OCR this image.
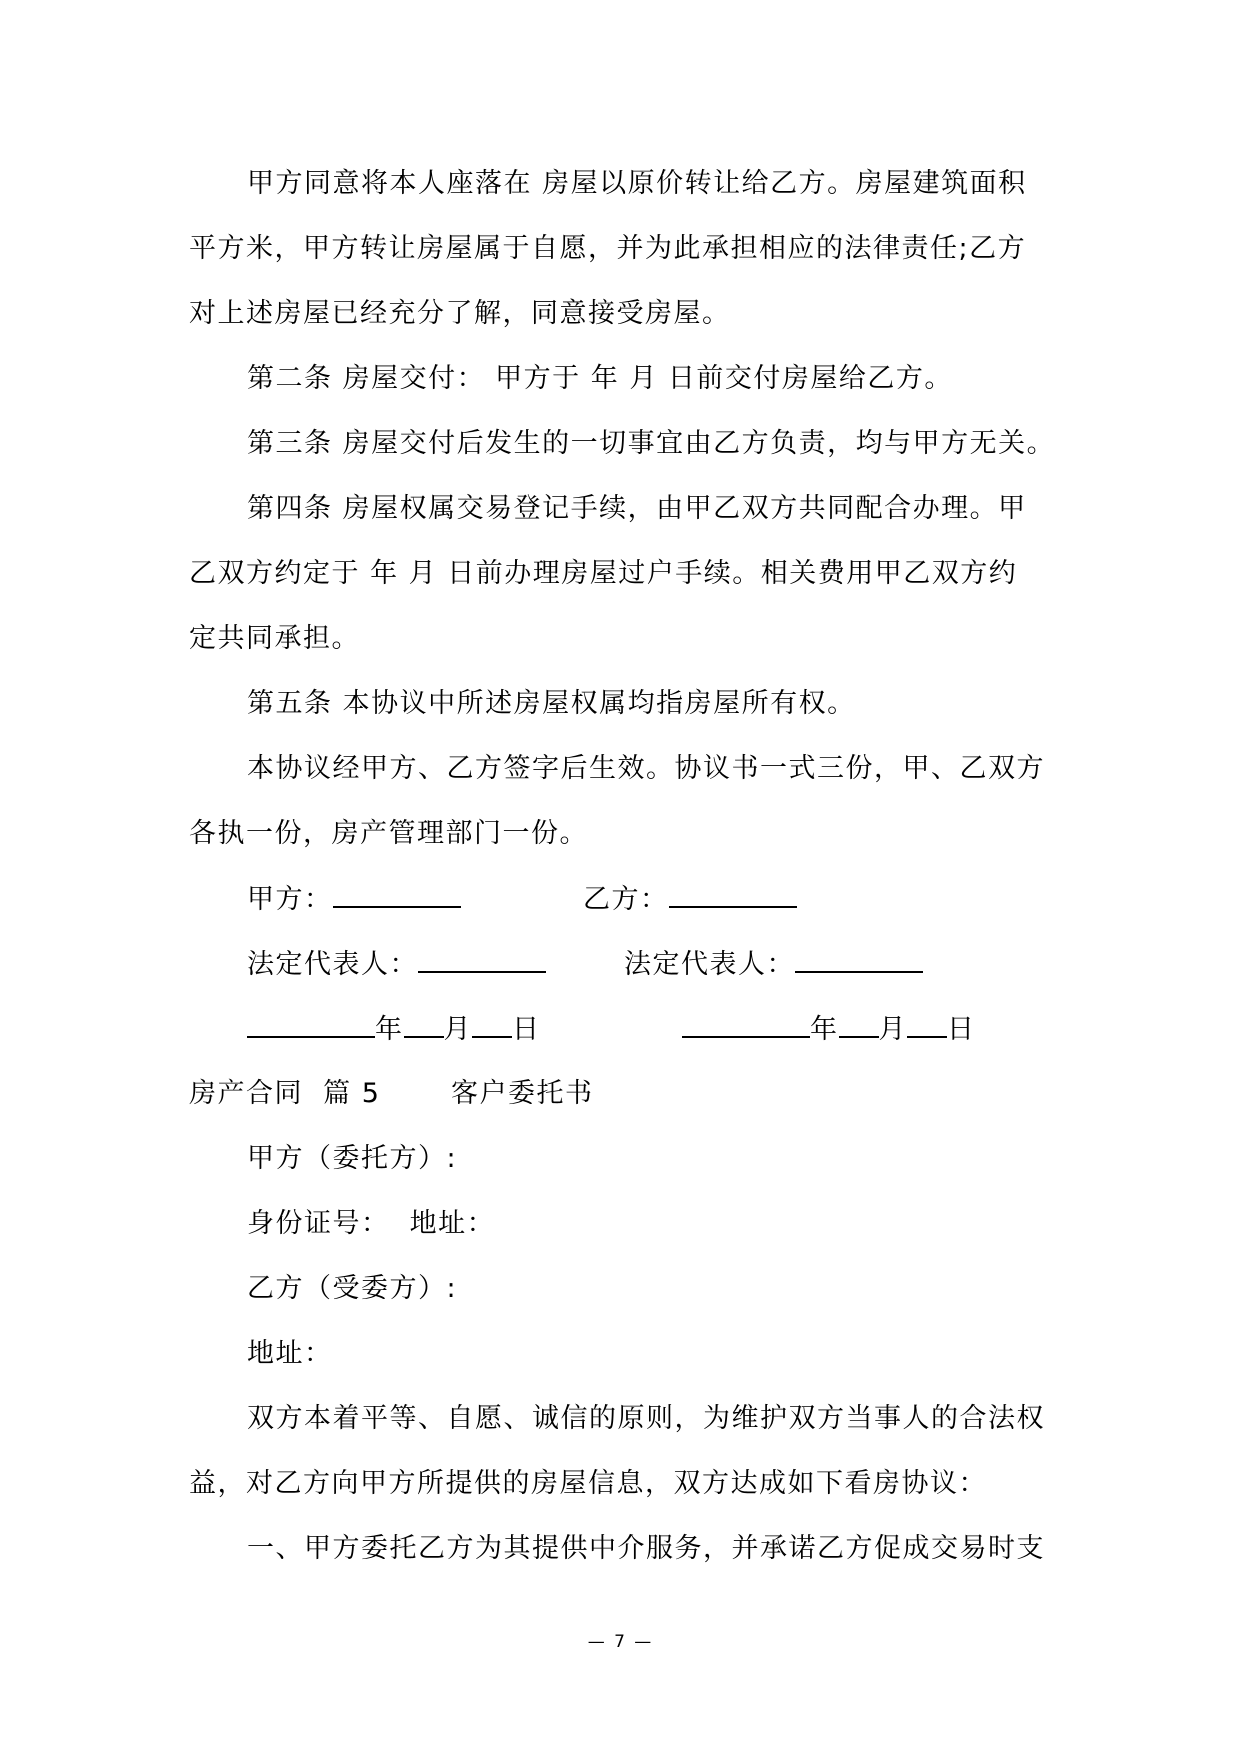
甲方同意将本人座落在 房屋以原价转让给乙方。房屋建筑面积
平方米，甲方转让房屋属于自愿，并为此承担相应的法律责任;乙方
对上述房屋已经充分了解，同意接受房屋。
第二条 房屋交付： 甲方于 年 月 日前交付房屋给乙方。
第三条 房屋交付后发生的一切事宜由乙方负责，均与甲方无关。
第四条 房屋权属交易登记手续，由甲乙双方共同配合办理。甲
乙双方约定于 年 月 日前办理房屋过户手续。相关费用甲乙双方约
定共同承担。
第五条 本协议中所述房屋权属均指房屋所有权。
本协议经甲方、乙方签字后生效。协议书一式三份，甲、乙双方
各执一份，房产管理部门一份。
甲方：	乙方：
法定代表人：	法定代表人：
年 月 日	年 月 日
房产合同  篇 5       客户委托书
甲方（委托方）:
身份证号：  地址：
乙方（受委方）:
地址：
双方本着平等、自愿、诚信的原则，为维护双方当事人的合法权
益，对乙方向甲方所提供的房屋信息，双方达成如下看房协议：
一、甲方委托乙方为其提供中介服务，并承诺乙方促成交易时支
— 7 —
